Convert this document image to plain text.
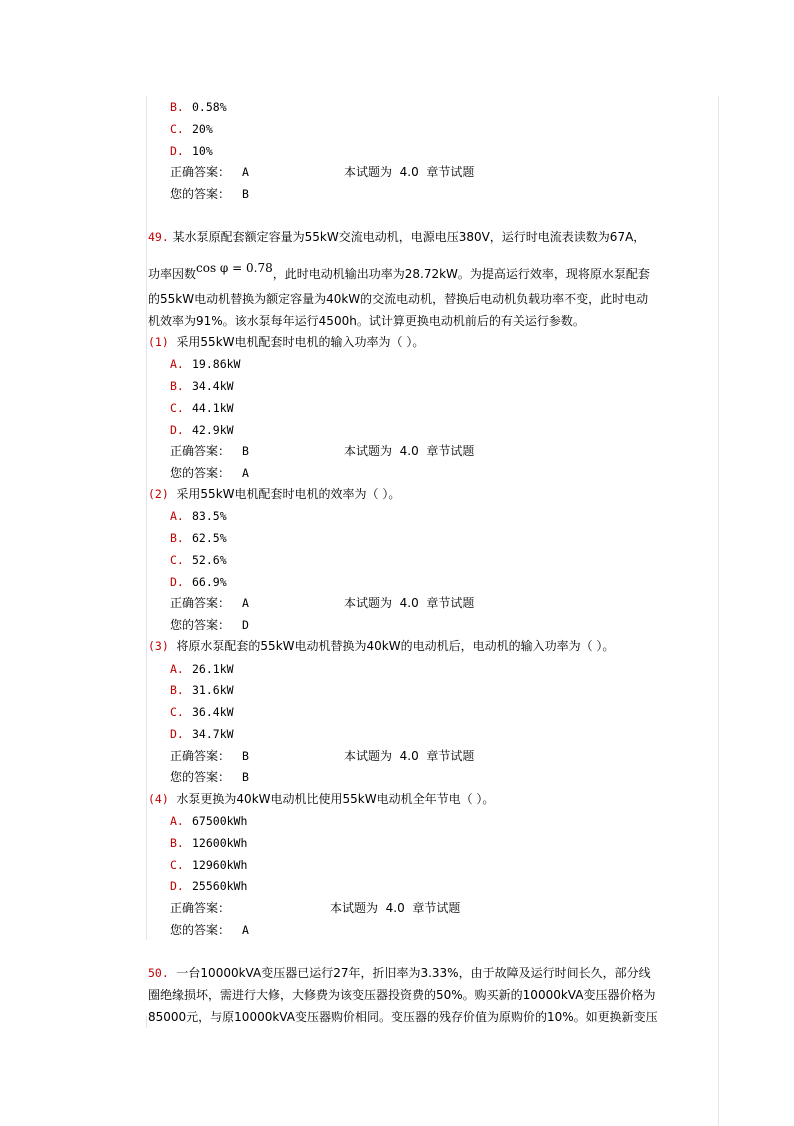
B. 0.58%
C. 20%
D. 10%
正确答案： A	本试题为  4.0  章节试题
您的答案： B
49. 某水泵原配套额定容量为55kW交流电动机，电源电压380V，运行时电流表读数为67A，
功率因数cos φ = 0.78，此时电动机输出功率为28.72kW。为提高运行效率，现将原水泵配套
的55kW电动机替换为额定容量为40kW的交流电动机，替换后电动机负载功率不变，此时电动
机效率为91%。该水泵每年运行4500h。试计算更换电动机前后的有关运行参数。
(1) 采用55kW电机配套时电机的输入功率为（ ）。
A. 19.86kW
B. 34.4kW
C. 44.1kW
D. 42.9kW
正确答案： B	本试题为  4.0  章节试题
您的答案： A
(2) 采用55kW电机配套时电机的效率为（ ）。
A. 83.5%
B. 62.5%
C. 52.6%
D. 66.9%
正确答案： A	本试题为  4.0  章节试题
您的答案： D
(3) 将原水泵配套的55kW电动机替换为40kW的电动机后，电动机的输入功率为（ ）。
A. 26.1kW
B. 31.6kW
C. 36.4kW
D. 34.7kW
正确答案： B	本试题为  4.0  章节试题
您的答案： B
(4) 水泵更换为40kW电动机比使用55kW电动机全年节电（ ）。
A. 67500kWh
B. 12600kWh
C. 12960kWh
D. 25560kWh
正确答案：	本试题为  4.0  章节试题
您的答案： A
50. 一台10000kVA变压器已运行27年，折旧率为3.33%，由于故障及运行时间长久，部分线
圈绝缘损坏，需进行大修，大修费为该变压器投资费的50%。购买新的10000kVA变压器价格为
85000元，与原10000kVA变压器购价相同。变压器的残存价值为原购价的10%。如更换新变压
